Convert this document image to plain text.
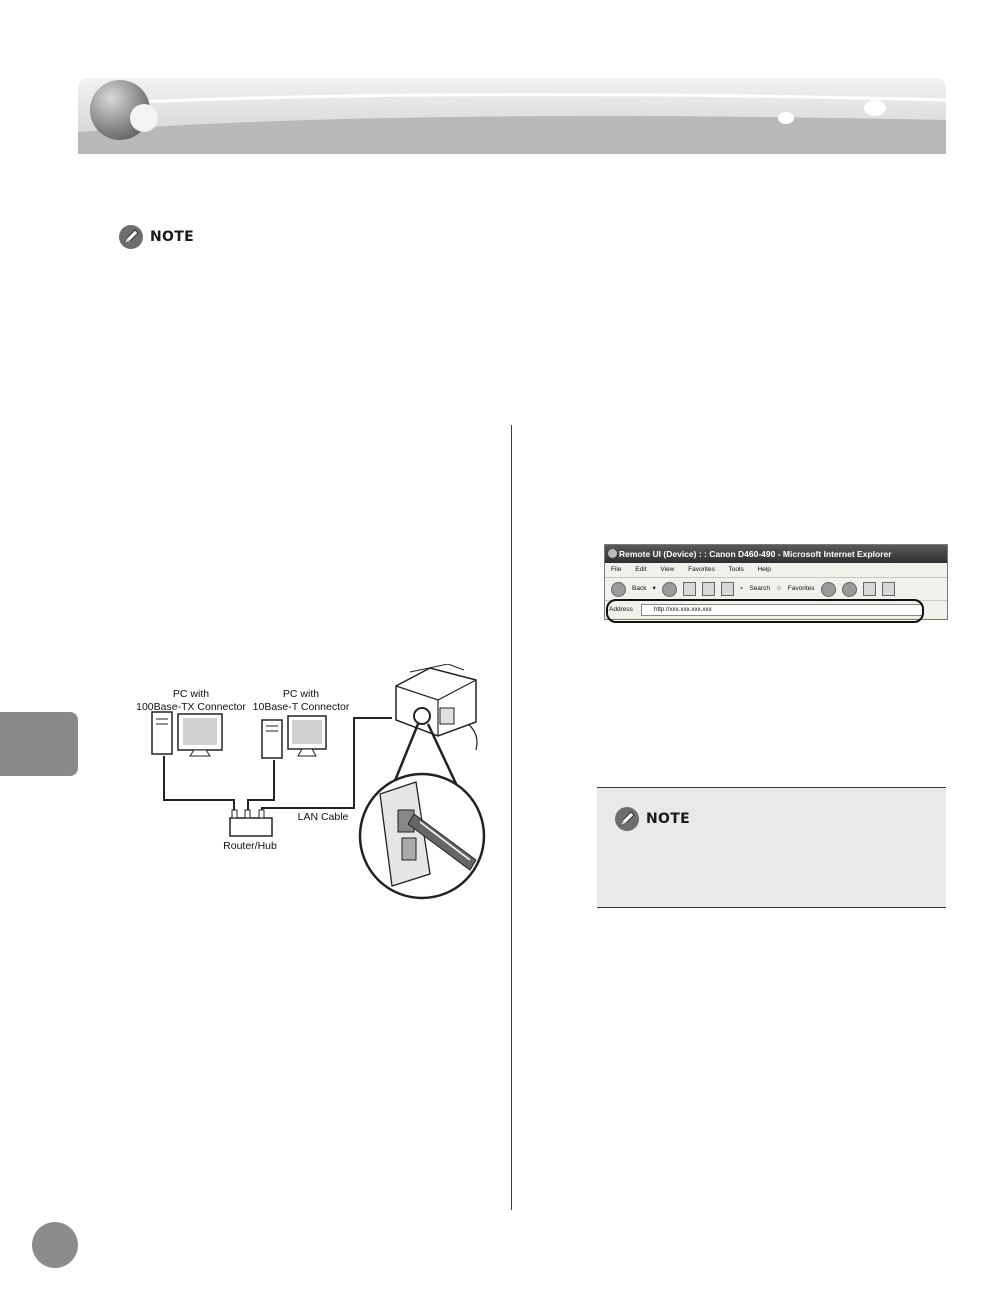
NOTE
PC with
100Base-TX Connector
PC with
10Base-T Connector
LAN Cable
Router/Hub
Remote UI (Device) : : Canon D460-490 - Microsoft Internet Explorer
File Edit View Favorites Tools Help
Back ▾	⌕ Search ☆ Favorites
Address	http://xxx.xxx.xxx.xxx
NOTE
